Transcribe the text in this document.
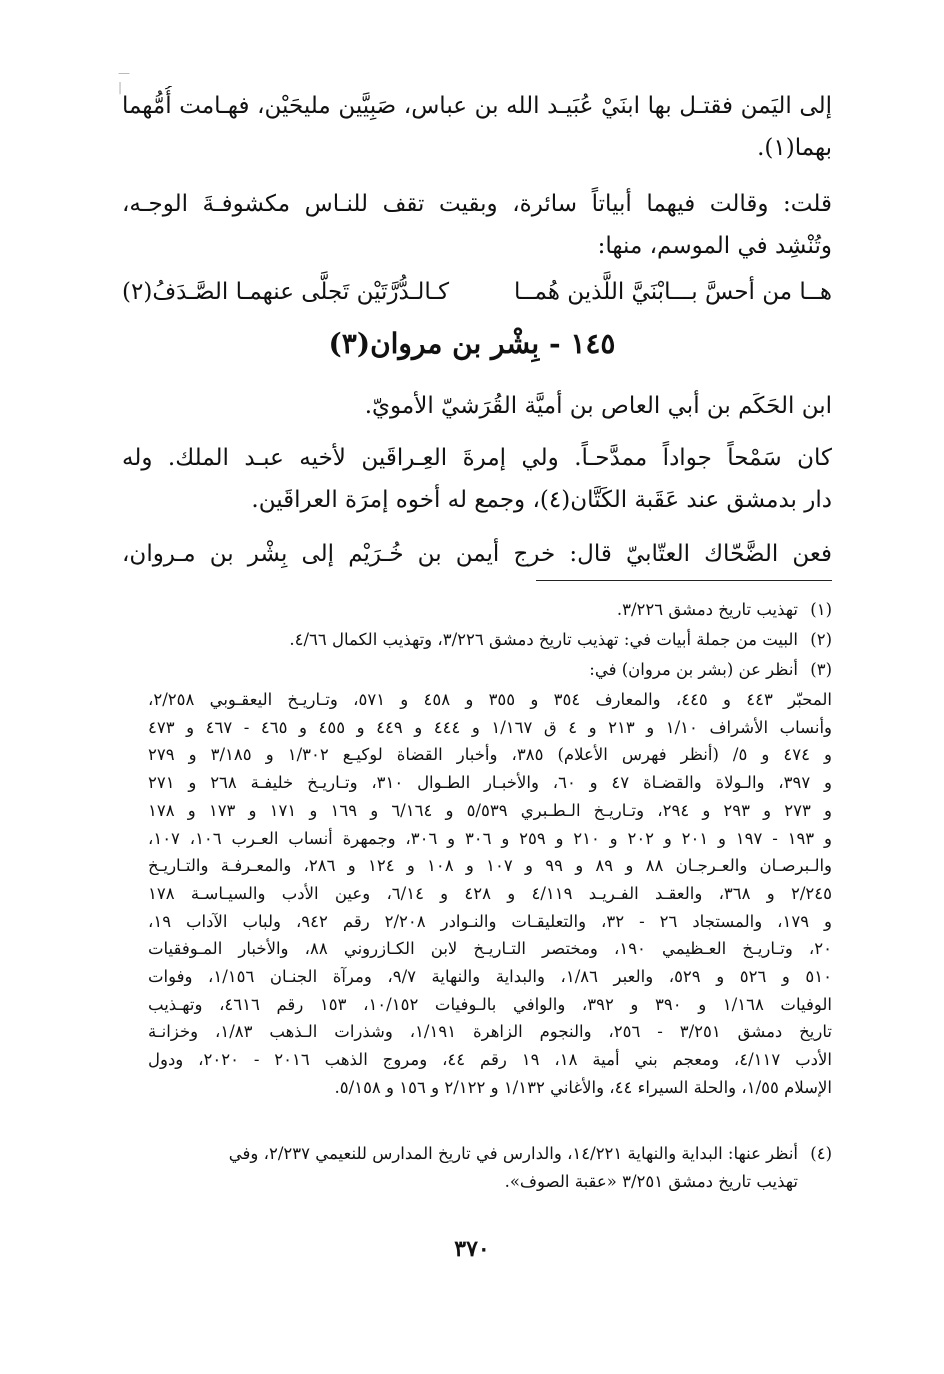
—
|
إلى اليَمن فقتـل بها ابنَيْ عُبَيـد الله بن عباس، صَبِيَّين مليحَيْن، فهـامت أُمُّهما
بهما(١).
قلت: وقالت فيهما أبياتاً سائرة، وبقيت تقف للنـاس مكشوفـةَ الوجـه،
وتُنْشِد في الموسم، منها:
هــا من أحسَّ بـــابْنَيَّ اللَّذين هُمــا
كـالـدُّرَّتَيْن تَجلَّى عنهمـا الصَّـدَفُ(٢)
١٤٥ - بِشْر بن مروان(٣)
ابن الحَكَم بن أبي العاص بن أميَّة القُرَشيّ الأمويّ.
كان سَمْحاً جواداً ممدَّحـاً. ولي إمرةَ العِـراقَين لأخيه عبـد الملك. وله
دار بدمشق عند عَقَبة الكَتَّان(٤)، وجمع له أخوه إمرَة العراقَين.
فعن الضَّحّاك العتّابيّ قال: خرج أيمن بن خُـرَيْم إلى بِشْر بن مـروان،
(١)تهذيب تاريخ دمشق ٣/٢٢٦.
(٢)البيت من جملة أبيات في: تهذيب تاريخ دمشق ٣/٢٢٦، وتهذيب الكمال ٤/٦٦.
(٣)أنظر عن (بشر بن مروان) في:
المحبّر ٤٤٣ و ٤٤٥، والمعارف ٣٥٤ و ٣٥٥ و ٤٥٨ و ٥٧١، وتـاريـخ اليعقـوبي ٢/٢٥٨،
وأنساب الأشراف ١/١٠ و ٢١٣ و ٤ ق ١/١٦٧ و ٤٤٤ و ٤٤٩ و ٤٥٥ و ٤٦٥ - ٤٦٧ و ٤٧٣
و ٤٧٤ و ٥/ (أنظر فهرس الأعلام) ٣٨٥، وأخبار القضاة لوكيـع ١/٣٠٢ و ٣/١٨٥ و ٢٧٩
و ٣٩٧، والـولاة والقضـاة ٤٧ و ٦٠، والأخبـار الطـوال ٣١٠، وتـاريـخ خليفـة ٢٦٨ و ٢٧١
و ٢٧٣ و ٢٩٣ و ٢٩٤، وتـاريـخ الـطـبري ٥/٥٣٩ و ٦/١٦٤ و ١٦٩ و ١٧١ و ١٧٣ و ١٧٨
و ١٩٣ - ١٩٧ و ٢٠١ و ٢٠٢ و ٢١٠ و ٢٥٩ و ٣٠٦ و ٣٠٦، وجمهرة أنساب العـرب ١٠٦، ١٠٧،
والـبرصـان والعـرجـان ٨٨ و ٨٩ و ٩٩ و ١٠٧ و ١٠٨ و ١٢٤ و ٢٨٦، والمعـرفـة والتـاريـخ
٢/٢٤٥ و ٣٦٨، والعقـد الفـريـد ٤/١١٩ و ٤٢٨ و ٦/١٤، وعين الأدب والسيـاسـة ١٧٨
و ١٧٩، والمستجاد ٢٦ - ٣٢، والتعليقـات والنـوادر ٢/٢٠٨ رقم ٩٤٢، ولباب الآداب ١٩،
٢٠، وتـاريـخ العـظيمي ١٩٠، ومختصر التـاريـخ لابن الكـازروني ٨٨، والأخبار المـوفقيات
٥١٠ و ٥٢٦ و ٥٢٩، والعبر ١/٨٦، والبداية والنهاية ٩/٧، ومرآة الجنـان ١/١٥٦، وفوات
الوفيات ١/١٦٨ و ٣٩٠ و ٣٩٢، والوافي بالـوفيات ١٠/١٥٢، ١٥٣ رقم ٤٦١٦، وتهـذيب
تاريخ دمشق ٣/٢٥١ - ٢٥٦، والنجوم الزاهرة ١/١٩١، وشذرات الـذهب ١/٨٣، وخزانـة
الأدب ٤/١١٧، ومعجم بني أمية ١٨، ١٩ رقم ٤٤، ومروج الذهب ٢٠١٦ - ٢٠٢٠، ودول
الإسلام ١/٥٥، والحلة السيراء ٤٤، والأغاني ١/١٣٢ و ٢/١٢٢ و ١٥٦ و ٥/١٥٨.
(٤)أنظر عنها: البداية والنهاية ١٤/٢٢١، والدارس في تاريخ المدارس للنعيمي ٢/٢٣٧، وفي
تهذيب تاريخ دمشق ٣/٢٥١ «عقبة الصوف».
٣٧٠
